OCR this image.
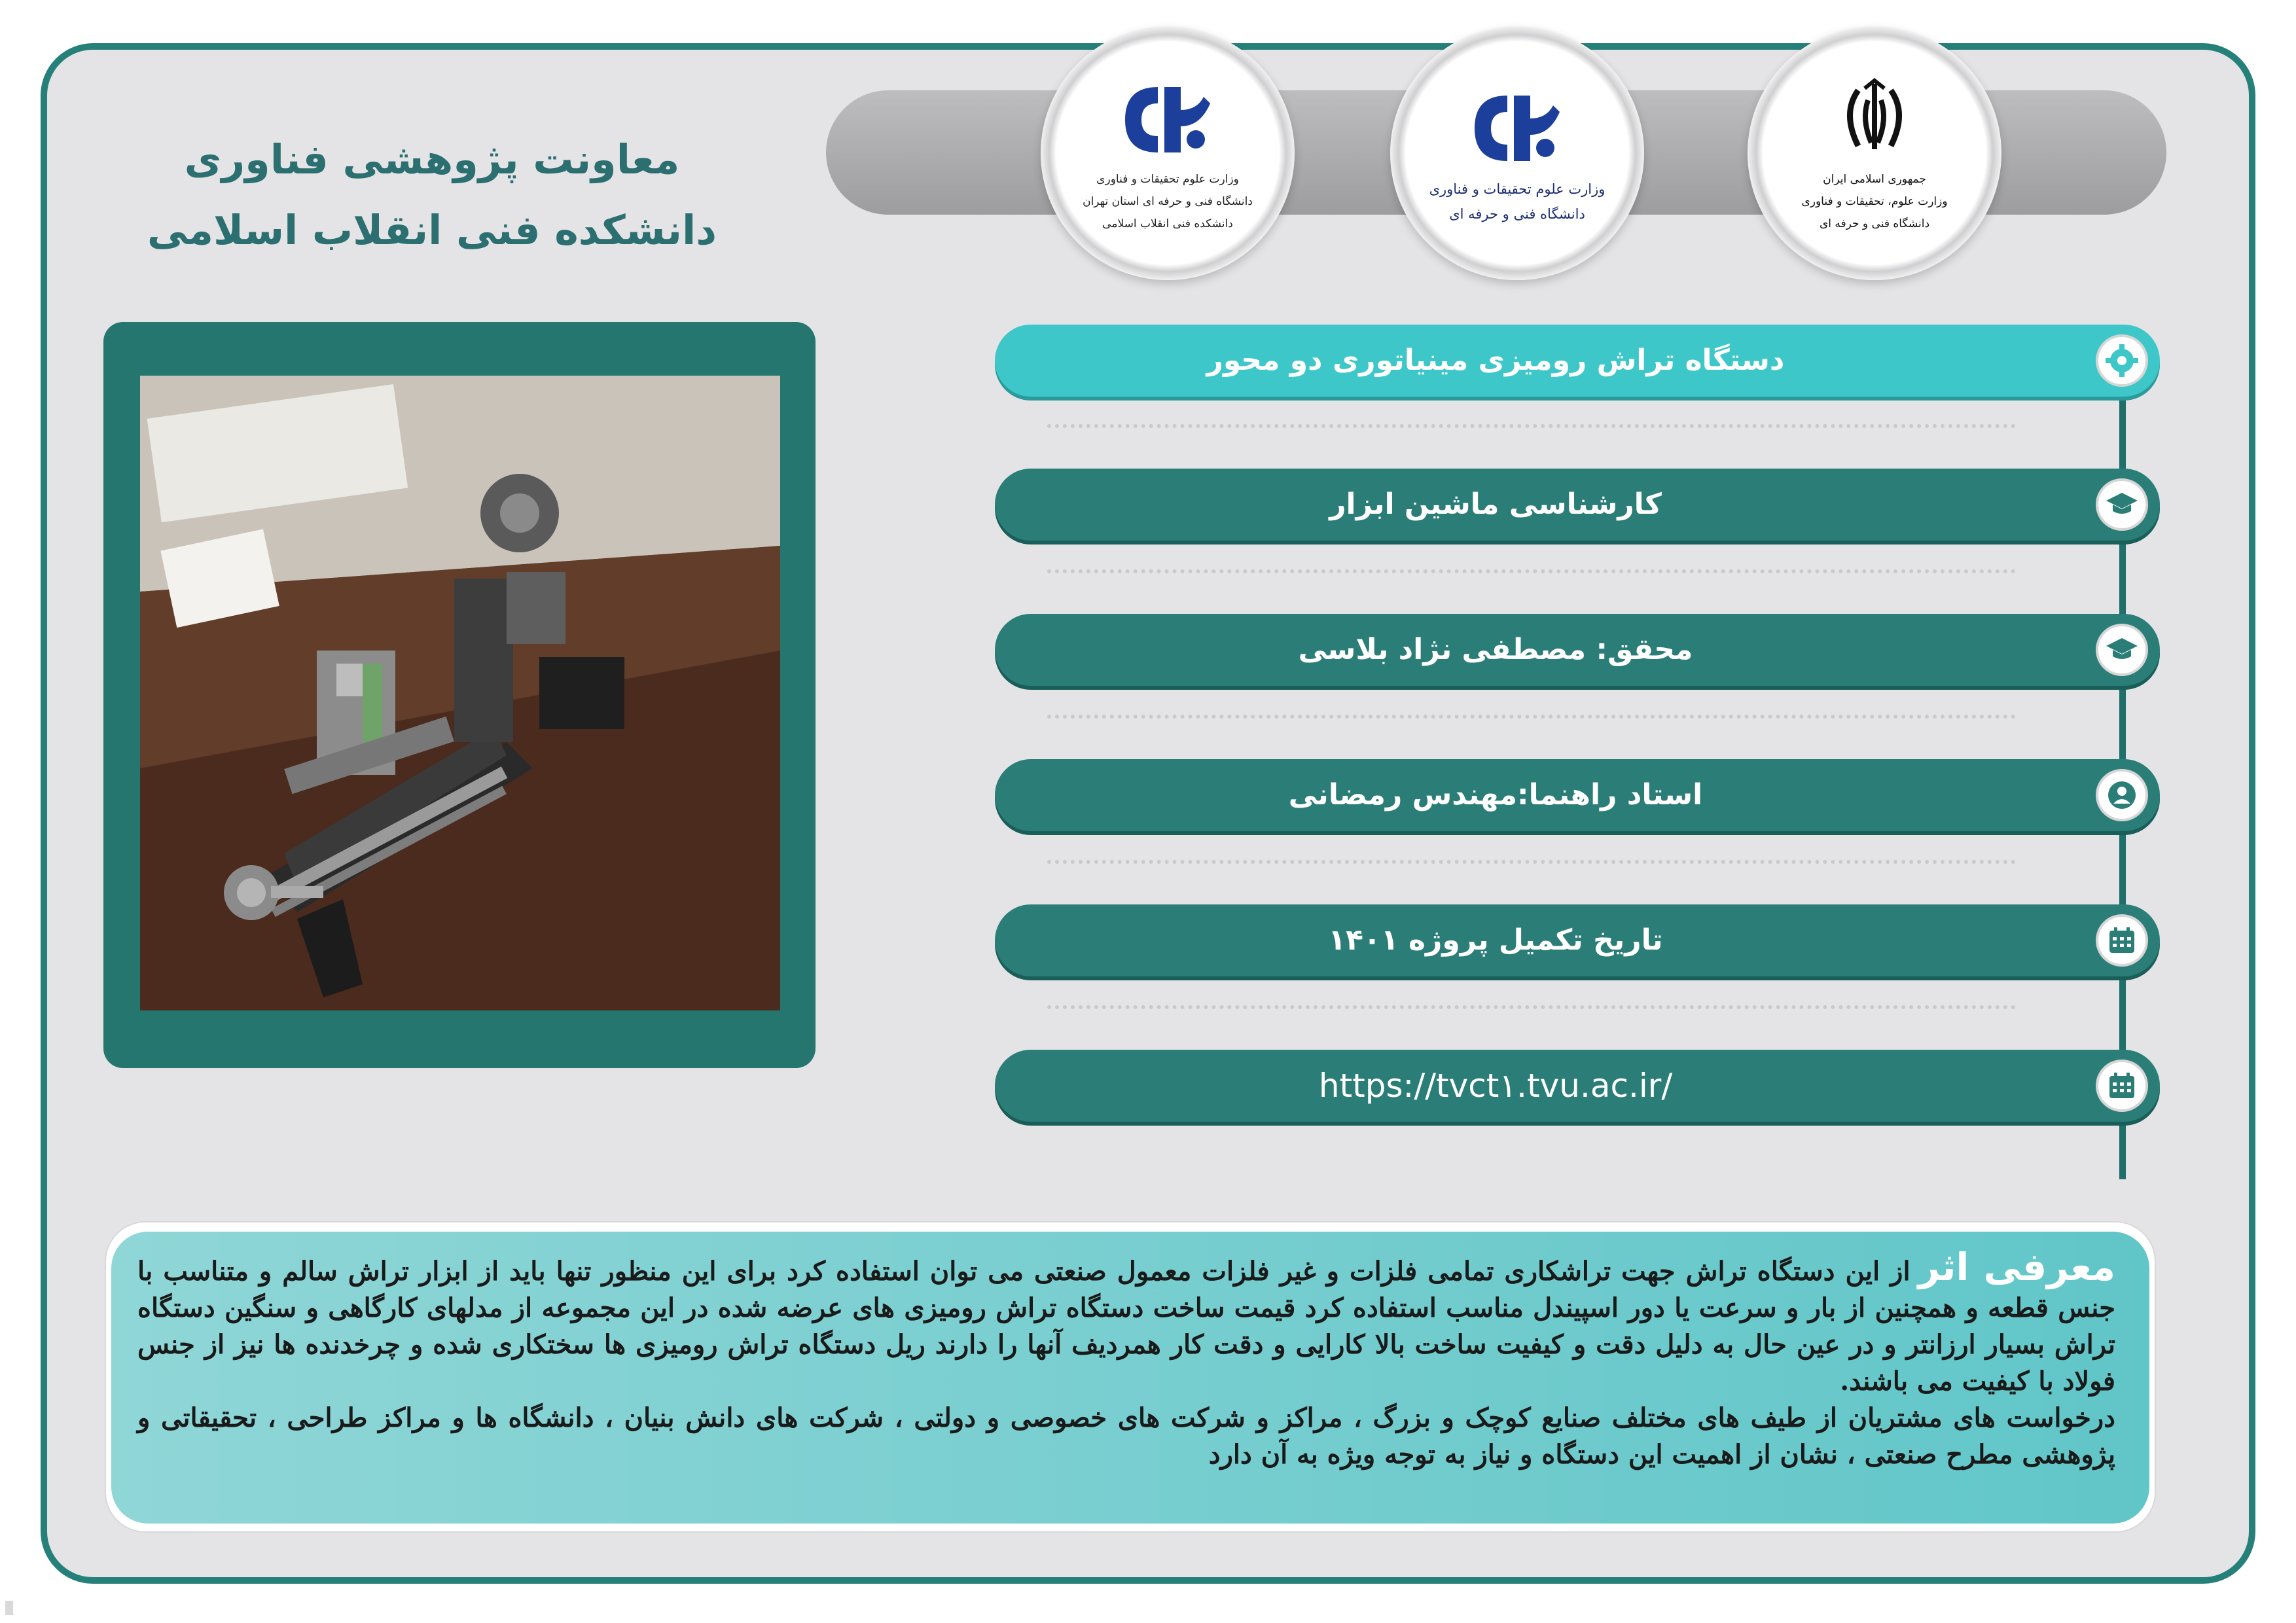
وزارت علوم تحقیقات و فناوری
دانشگاه فنی و حرفه ای استان تهران
دانشکده فنی انقلاب اسلامی
وزارت علوم تحقیقات و فناوری
دانشگاه فنی و حرفه ای
جمهوری اسلامی ایران
وزارت علوم، تحقیقات و فناوری
دانشگاه فنی و حرفه ای
معاونت پژوهشی فناوری
دانشکده فنی انقلاب اسلامی
دستگاه تراش رومیزی مینیاتوری دو محور
کارشناسی ماشین ابزار
محقق: مصطفی نژاد بلاسی
استاد راهنما:مهندس رمضانی
تاریخ تکمیل پروژه ۱۴۰۱
https://tvct۱.tvu.ac.ir/
معرفی اثراز این دستگاه تراش جهت تراشکاری تمامی فلزات و غیر فلزات معمول صنعتی می توان استفاده کرد برای این منظور تنها باید از ابزار تراش سالم و متناسب با جنس قطعه و همچنین از بار و سرعت یا دور اسپیندل مناسب استفاده کرد قیمت ساخت دستگاه تراش رومیزی های عرضه شده در این مجموعه از مدلهای کارگاهی و سنگین دستگاه تراش بسیار ارزانتر و در عین حال به دلیل دقت و کیفیت ساخت بالا کارایی و دقت کار همردیف آنها را دارند ریل دستگاه تراش رومیزی ها سختکاری شده و چرخدنده ها نیز از جنس فولاد با کیفیت می باشند.
درخواست های مشتریان از طیف های مختلف صنایع کوچک و بزرگ ، مراکز و شرکت های خصوصی و دولتی ، شرکت های دانش بنیان ، دانشگاه ها و مراکز طراحی ، تحقیقاتی و پژوهشی مطرح صنعتی ، نشان از اهمیت این دستگاه و نیاز به توجه ویژه به آن دارد
